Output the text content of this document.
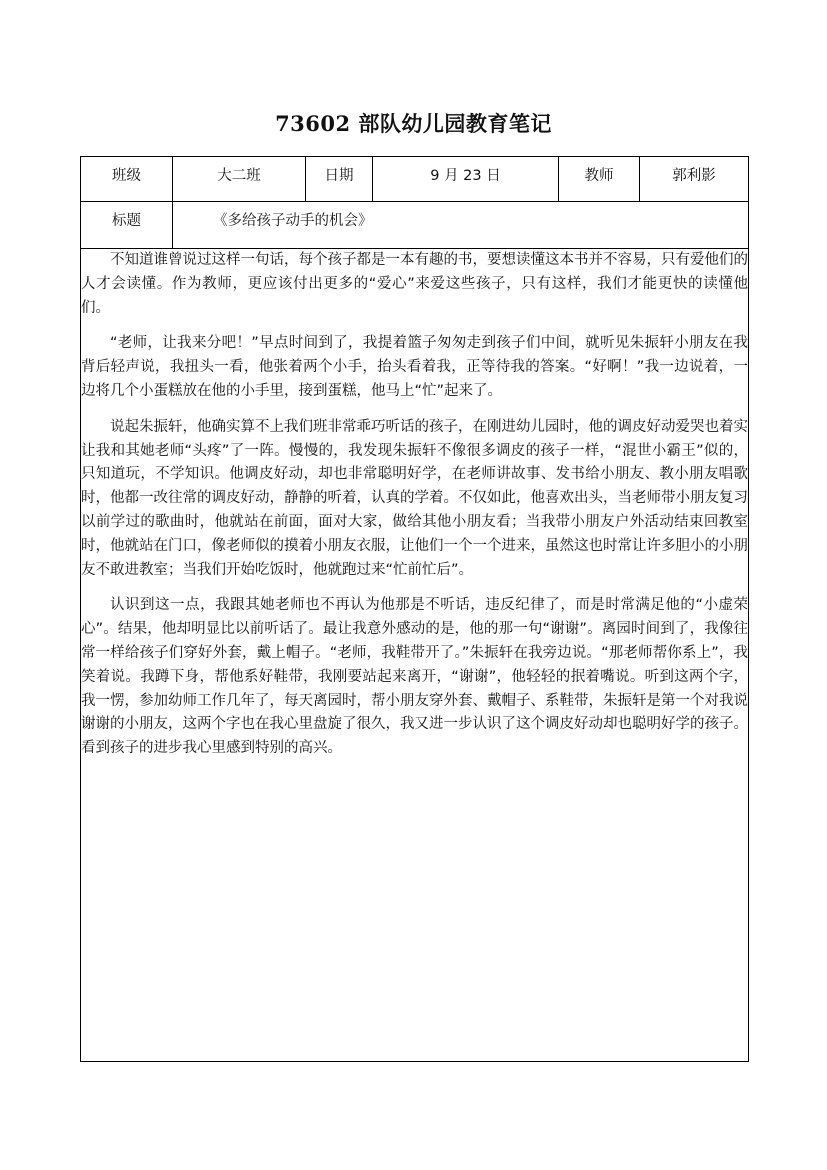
73602 部队幼儿园教育笔记
班级	大二班	日期	9 月 23 日	教师	郭利影
标题	《多给孩子动手的机会》				

不知道谁曾说过这样一句话，每个孩子都是一本有趣的书，要想读懂这本书并不容易，只有爱他们的人才会读懂。作为教师，更应该付出更多的“爱心”来爱这些孩子，只有这样，我们才能更快的读懂他们。

“老师，让我来分吧！”早点时间到了，我提着篮子匆匆走到孩子们中间，就听见朱振轩小朋友在我背后轻声说，我扭头一看，他张着两个小手，抬头看着我，正等待我的答案。“好啊！”我一边说着，一边将几个小蛋糕放在他的小手里，接到蛋糕，他马上“忙”起来了。

说起朱振轩，他确实算不上我们班非常乖巧听话的孩子，在刚进幼儿园时，他的调皮好动爱哭也着实让我和其她老师“头疼”了一阵。慢慢的，我发现朱振轩不像很多调皮的孩子一样，“混世小霸王”似的，只知道玩，不学知识。他调皮好动，却也非常聪明好学，在老师讲故事、发书给小朋友、教小朋友唱歌时，他都一改往常的调皮好动，静静的听着，认真的学着。不仅如此，他喜欢出头，当老师带小朋友复习以前学过的歌曲时，他就站在前面，面对大家，做给其他小朋友看；当我带小朋友户外活动结束回教室时，他就站在门口，像老师似的摸着小朋友衣服，让他们一个一个进来，虽然这也时常让许多胆小的小朋友不敢进教室；当我们开始吃饭时，他就跑过来“忙前忙后”。

认识到这一点，我跟其她老师也不再认为他那是不听话，违反纪律了，而是时常满足他的“小虚荣心”。结果，他却明显比以前听话了。最让我意外感动的是，他的那一句“谢谢”。离园时间到了，我像往常一样给孩子们穿好外套，戴上帽子。“老师，我鞋带开了。”朱振轩在我旁边说。“那老师帮你系上”，我笑着说。我蹲下身，帮他系好鞋带，我刚要站起来离开，“谢谢”，他轻轻的抿着嘴说。听到这两个字，我一愣，参加幼师工作几年了，每天离园时，帮小朋友穿外套、戴帽子、系鞋带，朱振轩是第一个对我说谢谢的小朋友，这两个字也在我心里盘旋了很久，我又进一步认识了这个调皮好动却也聪明好学的孩子。看到孩子的进步我心里感到特别的高兴。					
